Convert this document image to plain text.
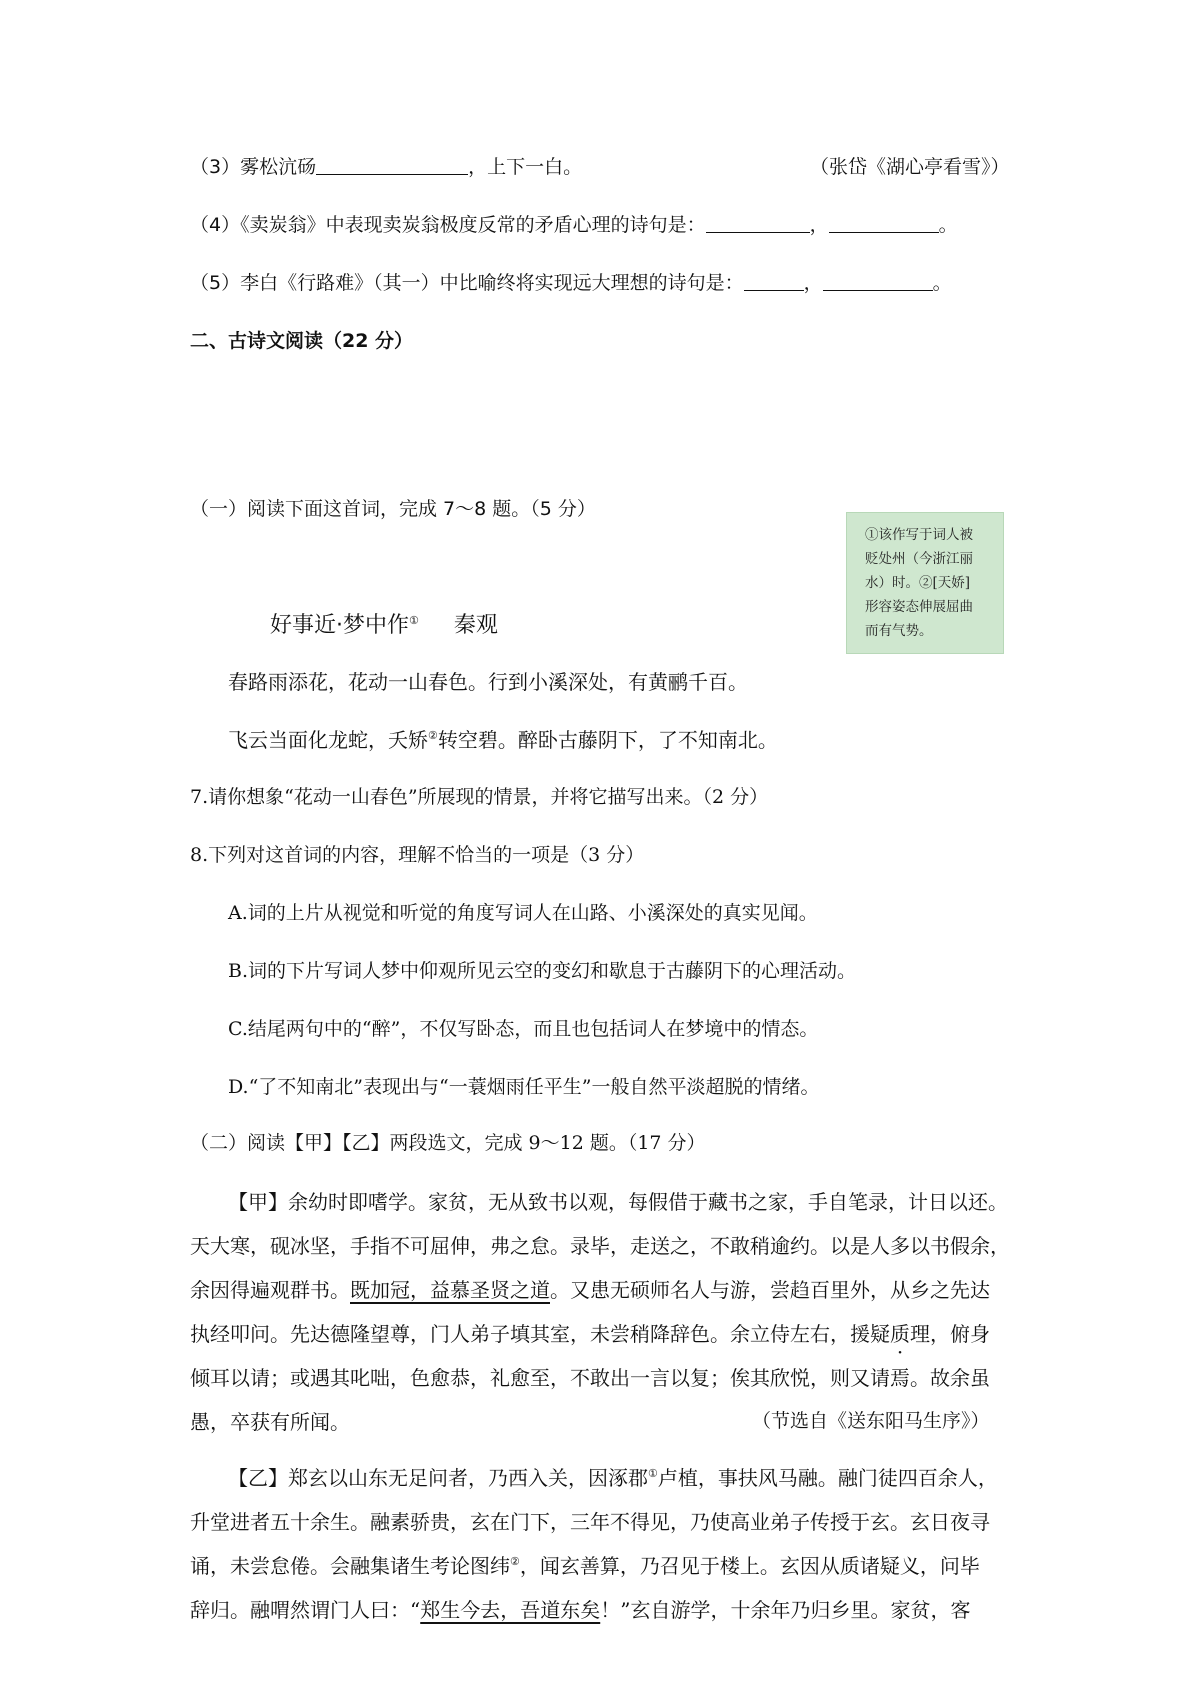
（3）雾松沆砀	，上下一白。	（张岱《湖心亭看雪》）
（4）《卖炭翁》中表现卖炭翁极度反常的矛盾心理的诗句是：	，	。
（5）李白《行路难》（其一）中比喻终将实现远大理想的诗句是：	，	。
二、古诗文阅读（22 分）
（一）阅读下面这首词，完成 7～8 题。（5 分）
①该作写于词人被
贬处州（今浙江丽
水）时。②[天娇]
形容姿态伸展屈曲
而有气势。
好事近·梦中作① 秦观
春路雨添花，花动一山春色。行到小溪深处，有黄鹂千百。
飞云当面化龙蛇，夭矫②转空碧。醉卧古藤阴下，了不知南北。
7.请你想象“花动一山春色”所展现的情景，并将它描写出来。（2 分）
8.下列对这首词的内容，理解不恰当的一项是（3 分）
A.词的上片从视觉和听觉的角度写词人在山路、小溪深处的真实见闻。
B.词的下片写词人梦中仰观所见云空的变幻和歇息于古藤阴下的心理活动。
C.结尾两句中的“醉”，不仅写卧态，而且也包括词人在梦境中的情态。
D.“了不知南北”表现出与“一蓑烟雨任平生”一般自然平淡超脱的情绪。
（二）阅读【甲】【乙】两段选文，完成 9～12 题。（17 分）
【甲】余幼时即嗜学。家贫，无从致书以观，每假借于藏书之家，手自笔录，计日以还。
天大寒，砚冰坚，手指不可屈伸，弗之怠。录毕，走送之，不敢稍逾约。以是人多以书假余，
余因得遍观群书。既加冠，益慕圣贤之道。又患无硕师名人与游，尝趋百里外，从乡之先达
执经叩问。先达德隆望尊，门人弟子填其室，未尝稍降辞色。余立侍左右，援疑质理，俯身
倾耳以请；或遇其叱咄，色愈恭，礼愈至，不敢出一言以复；俟其欣悦，则又请焉。故余虽
愚，卒获有所闻。	（节选自《送东阳马生序》）
【乙】郑玄以山东无足问者，乃西入关，因涿郡①卢植，事扶风马融。融门徒四百余人，
升堂进者五十余生。融素骄贵，玄在门下，三年不得见，乃使高业弟子传授于玄。玄日夜寻
诵，未尝怠倦。会融集诸生考论图纬②，闻玄善算，乃召见于楼上。玄因从质诸疑义，问毕
辞归。融喟然谓门人曰：“郑生今去，吾道东矣！”玄自游学，十余年乃归乡里。家贫，客
